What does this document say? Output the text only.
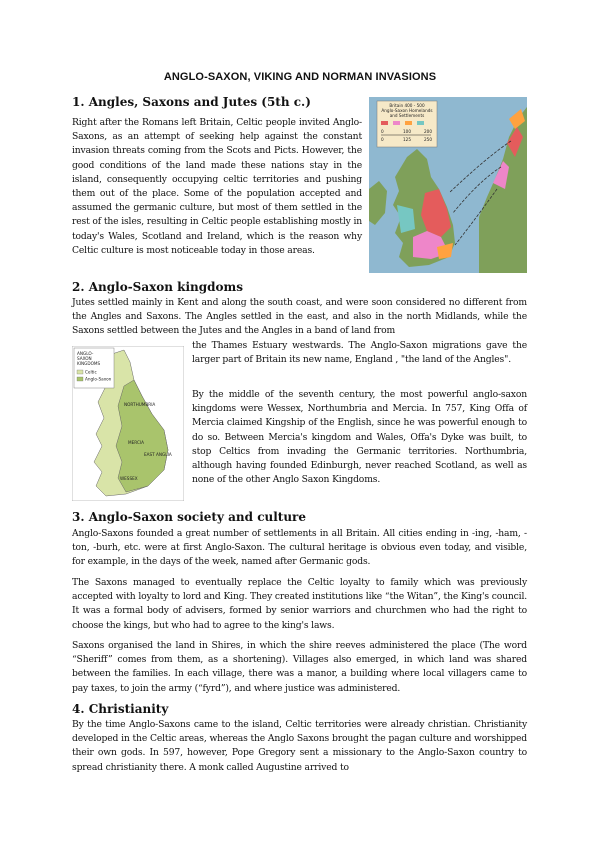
ANGLO-SAXON, VIKING AND NORMAN INVASIONS
1. Angles, Saxons and Jutes (5th c.)

Right after the Romans left Britain, Celtic people invited Anglo-Saxons, as an attempt of seeking help against the constant invasion threats coming from the Scots and Picts. However, the good conditions of the land made these nations stay in the island, consequently occupying celtic territories and pushing them out of the place. Some of the population accepted and assumed the germanic culture, but most of them settled in the rest of the isles, resulting in Celtic people establishing mostly in today's Wales, Scotland and Ireland, which is the reason why Celtic culture is most noticeable today in those areas.

Britain 400 - 500
Anglo-Saxon Homelands
and Settlements
0	100	200
0	125	250
2. Anglo-Saxon kingdoms

Jutes settled mainly in Kent and along the south coast, and were soon considered no different from the Angles and Saxons. The Angles settled in the east, and also in the north Midlands, while the Saxons settled between the Jutes and the Angles in a band of land from

the Thames Estuary westwards. The Anglo-Saxon migrations gave the larger part of Britain its new name, England , "the land of the Angles".

By the middle of the seventh century, the most powerful anglo-saxon kingdoms were Wessex, Northumbria and Mercia. In 757, King Offa of Mercia claimed Kingship of the English, since he was powerful enough to do so. Between Mercia's kingdom and Wales, Offa's Dyke was built, to stop Celtics from invading the Germanic territories. Northumbria, although having founded Edinburgh, never reached Scotland, as well as none of the other Anglo Saxon Kingdoms.

ANGLO-
SAXON
KINGDOMS
Celtic
Anglo-Saxon
NORTHUMBRIA
MERCIA
EAST ANGLIA
WESSEX
3. Anglo-Saxon society and culture

Anglo-Saxons founded a great number of settlements in all Britain. All cities ending in -ing, -ham, -ton, -burh, etc. were at first Anglo-Saxon. The cultural heritage is obvious even today, and visible, for example, in the days of the week, named after Germanic gods.

The Saxons managed to eventually replace the Celtic loyalty to family which was previously accepted with loyalty to lord and King. They created institutions like “the Witan”, the King's council. It was a formal body of advisers, formed by senior warriors and churchmen who had the right to choose the kings, but who had to agree to the king's laws.

Saxons organised the land in Shires, in which the shire reeves administered the place (The word “Sheriff” comes from them, as a shortening). Villages also emerged, in which land was shared between the families. In each village, there was a manor, a building where local villagers came to pay taxes, to join the army (“fyrd”), and where justice was administered.

4. Christianity

By the time Anglo-Saxons came to the island, Celtic territories were already christian. Christianity developed in the Celtic areas, whereas the Anglo Saxons brought the pagan culture and worshipped their own gods. In 597, however, Pope Gregory sent a missionary to the Anglo-Saxon country to spread christianity there. A monk called Augustine arrived to
